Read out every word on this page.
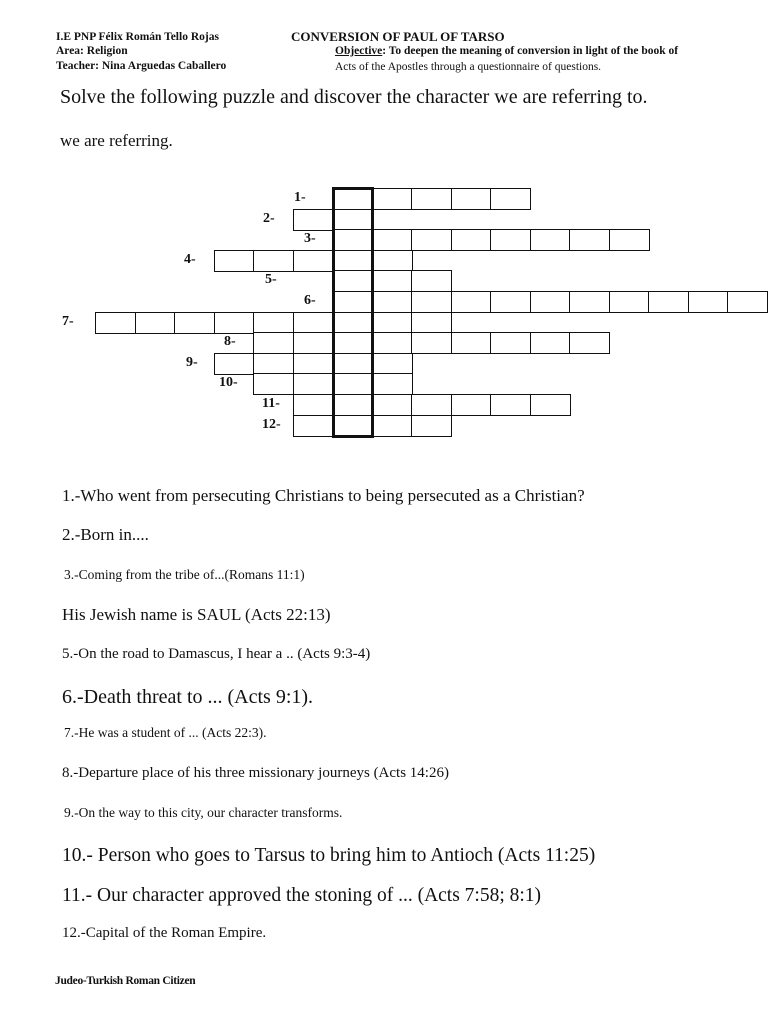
I.E PNP Félix Román Tello Rojas
Area: Religion
Teacher: Nina Arguedas Caballero
CONVERSION OF PAUL OF TARSO
Objective: To deepen the meaning of conversion in light of the book of
Acts of the Apostles through a questionnaire of questions.
Solve the following puzzle and discover the character we are referring to.
we are referring.
1-
2-
3-
4-
5-
6-
7-
8-
9-
10-
11-
12-
1.-Who went from persecuting Christians to being persecuted as a Christian?
2.-Born in....
3.-Coming from the tribe of...(Romans 11:1)
His Jewish name is SAUL (Acts 22:13)
5.-On the road to Damascus, I hear a .. (Acts 9:3-4)
6.-Death threat to ... (Acts 9:1).
7.-He was a student of ... (Acts 22:3).
8.-Departure place of his three missionary journeys (Acts 14:26)
9.-On the way to this city, our character transforms.
10.- Person who goes to Tarsus to bring him to Antioch (Acts 11:25)
11.- Our character approved the stoning of ... (Acts 7:58; 8:1)
12.-Capital of the Roman Empire.
Judeo-Turkish Roman Citizen
